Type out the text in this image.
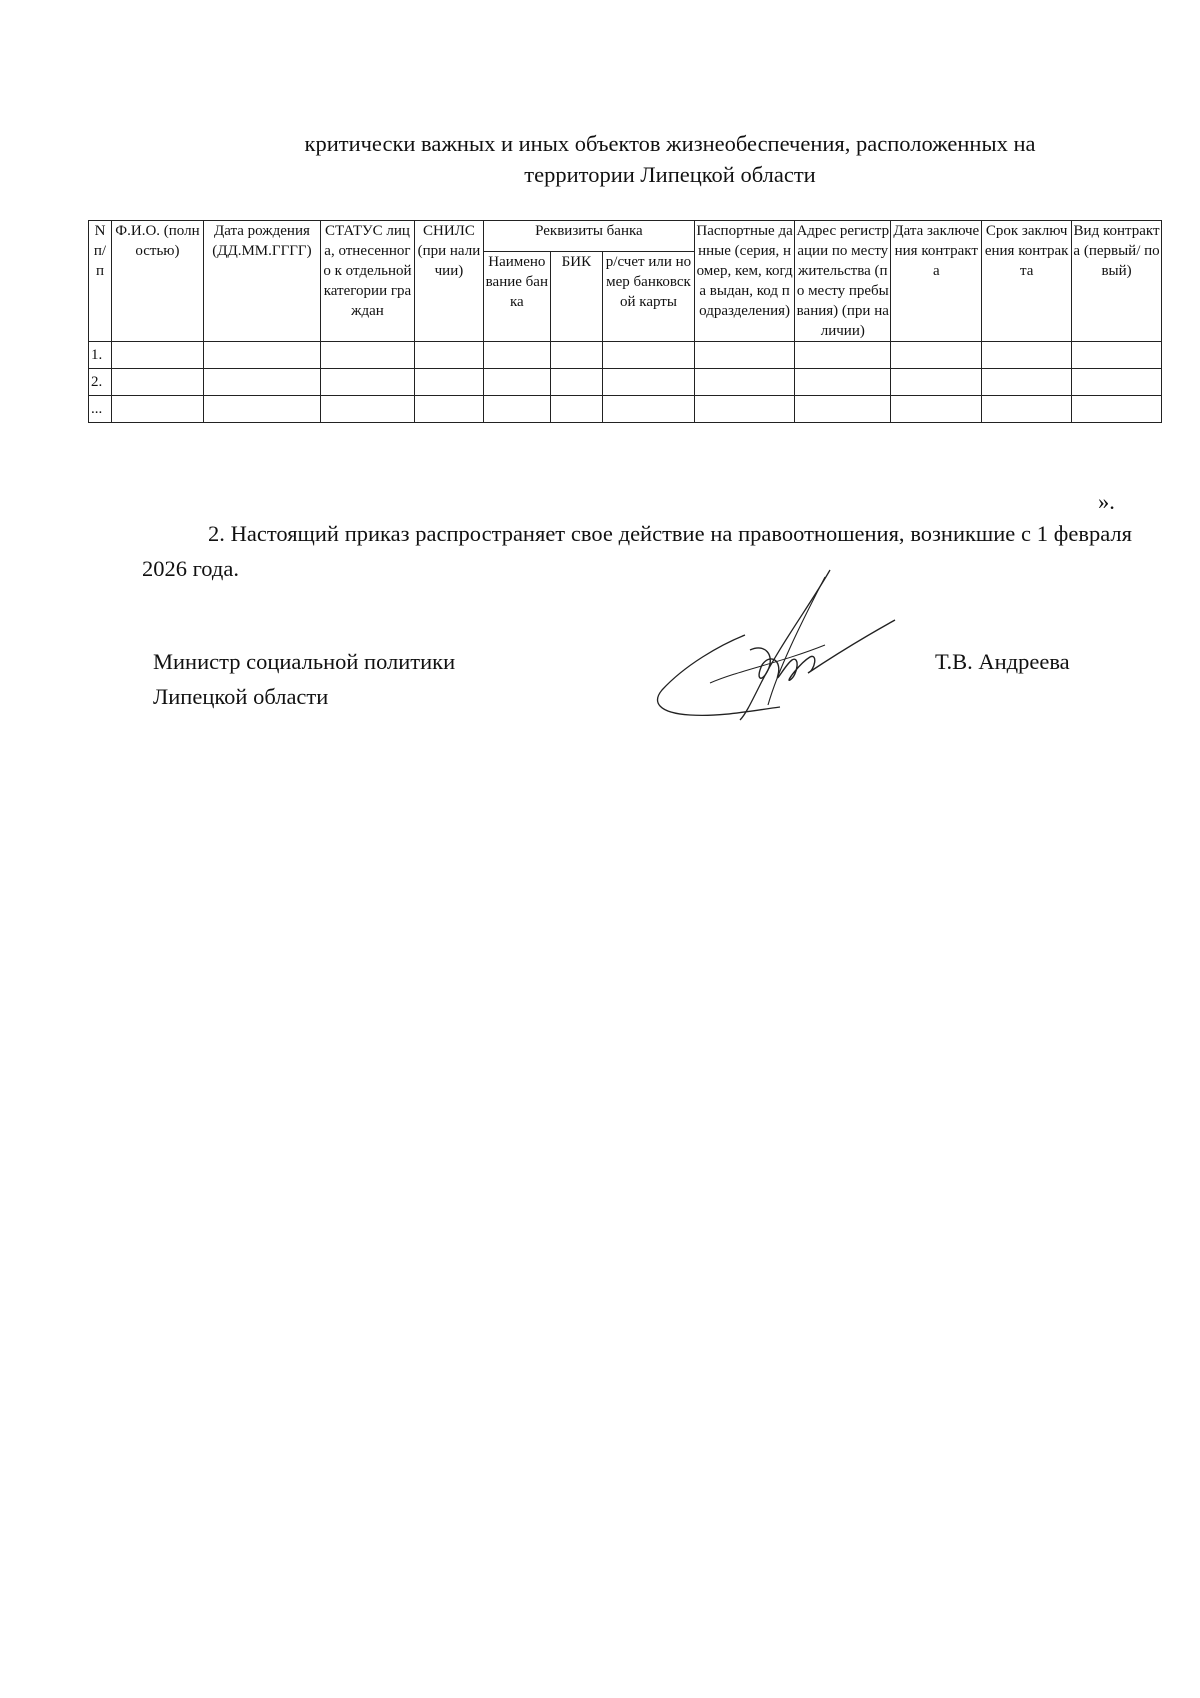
критически важных и иных объектов жизнеобеспечения, расположенных на
территории Липецкой области
N п/п	Ф.И.О. (полностью)	Дата рождения (ДД.ММ.ГГГГ)	СТАТУС лица, отнесенного к отдельной категории граждан	СНИЛС (при наличии)	Реквизиты банка			Паспортные данные (серия, номер, кем, когда выдан, код подразделения)	Адрес регистрации по месту жительства (по месту пребывания) (при наличии)	Дата заключения контракта	Срок заключения контракта	Вид контракта (первый/ повый)
					Наименование банка	БИК	р/счет или номер банковской карты					
1.												
2.												
...												
».
2. Настоящий приказ распространяет свое действие на правоотношения, возникшие с 1 февраля 2026 года.
Министр социальной политики
Липецкой области
Т.В. Андреева
